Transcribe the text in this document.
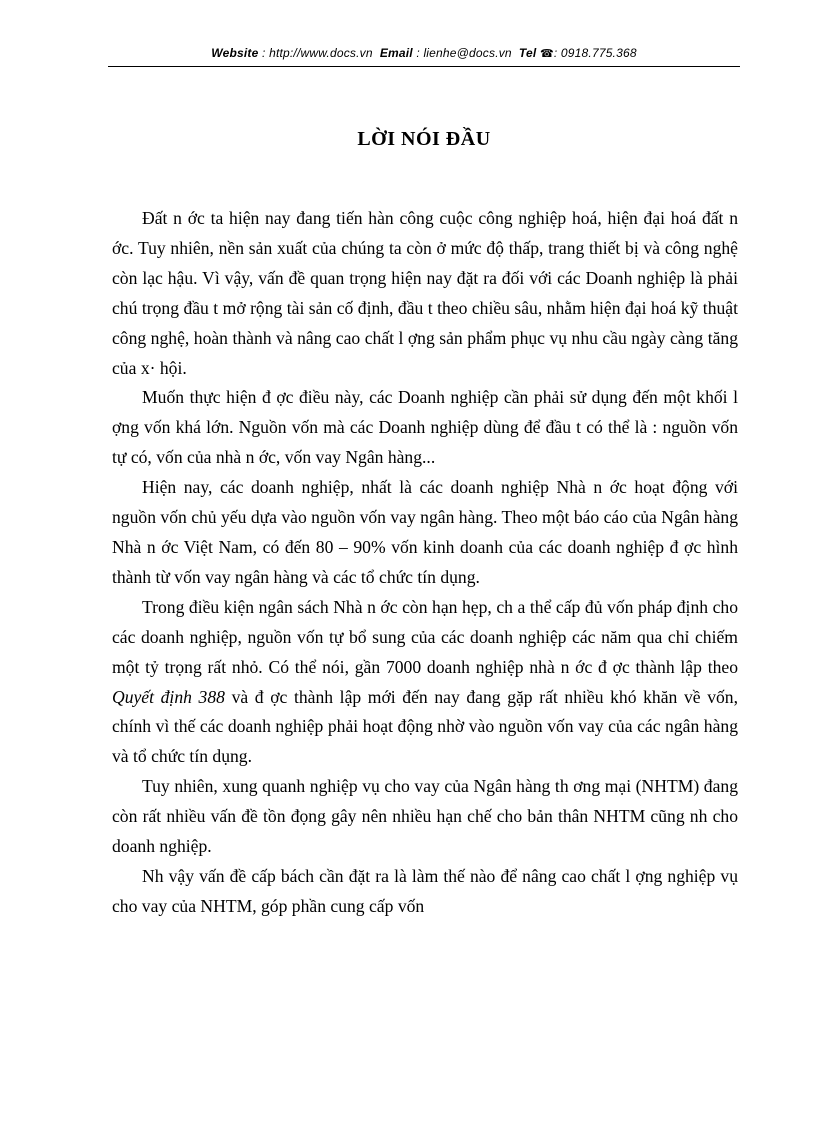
Website : http://www.docs.vn Email : lienhe@docs.vn Tel ☎: 0918.775.368
LỜI NÓI ĐẦU

Đất n ớc ta hiện nay đang tiến hàn công cuộc công nghiệp hoá, hiện đại hoá đất n ớc. Tuy nhiên, nền sản xuất của chúng ta còn ở mức độ thấp, trang thiết bị và công nghệ còn lạc hậu. Vì vậy, vấn đề quan trọng hiện nay đặt ra đối với các Doanh nghiệp là phải chú trọng đầu t mở rộng tài sản cố định, đầu t theo chiều sâu, nhằm hiện đại hoá kỹ thuật công nghệ, hoàn thành và nâng cao chất l ợng sản phẩm phục vụ nhu cầu ngày càng tăng của x· hội.

Muốn thực hiện đ ợc điều này, các Doanh nghiệp cần phải sử dụng đến một khối l ợng vốn khá lớn. Nguồn vốn mà các Doanh nghiệp dùng để đầu t có thể là : nguồn vốn tự có, vốn của nhà n ớc, vốn vay Ngân hàng...

Hiện nay, các doanh nghiệp, nhất là các doanh nghiệp Nhà n ớc hoạt động với nguồn vốn chủ yếu dựa vào nguồn vốn vay ngân hàng. Theo một báo cáo của Ngân hàng Nhà n ớc Việt Nam, có đến 80 – 90% vốn kinh doanh của các doanh nghiệp đ ợc hình thành từ vốn vay ngân hàng và các tổ chức tín dụng.

Trong điều kiện ngân sách Nhà n ớc còn hạn hẹp, ch a thể cấp đủ vốn pháp định cho các doanh nghiệp, nguồn vốn tự bổ sung của các doanh nghiệp các năm qua chỉ chiếm một tỷ trọng rất nhỏ. Có thể nói, gần 7000 doanh nghiệp nhà n ớc đ ợc thành lập theo Quyết định 388 và đ ợc thành lập mới đến nay đang gặp rất nhiều khó khăn về vốn, chính vì thế các doanh nghiệp phải hoạt động nhờ vào nguồn vốn vay của các ngân hàng và tổ chức tín dụng.

Tuy nhiên, xung quanh nghiệp vụ cho vay của Ngân hàng th ơng mại (NHTM) đang còn rất nhiều vấn đề tồn đọng gây nên nhiều hạn chế cho bản thân NHTM cũng nh cho doanh nghiệp.

Nh vậy vấn đề cấp bách cần đặt ra là làm thế nào để nâng cao chất l ợng nghiệp vụ cho vay của NHTM, góp phần cung cấp vốn
